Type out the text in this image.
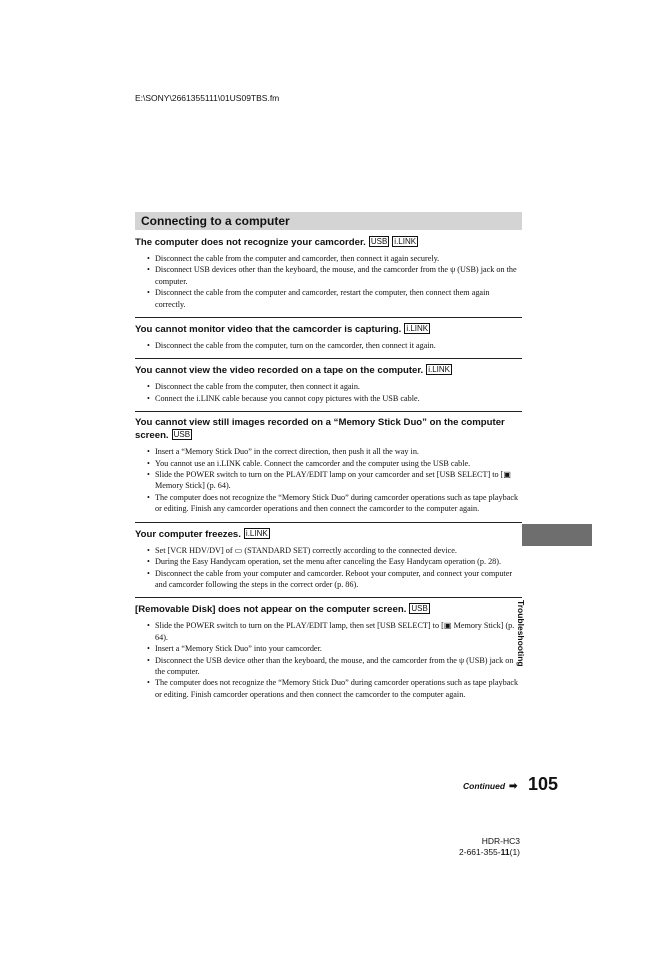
E:\SONY\2661355111\01US09TBS.fm
Connecting to a computer
The computer does not recognize your camcorder. USB i.LINK
• Disconnect the cable from the computer and camcorder, then connect it again securely.
• Disconnect USB devices other than the keyboard, the mouse, and the camcorder from the ψ (USB) jack on the computer.
• Disconnect the cable from the computer and camcorder, restart the computer, then connect them again correctly.
You cannot monitor video that the camcorder is capturing. i.LINK
• Disconnect the cable from the computer, turn on the camcorder, then connect it again.
You cannot view the video recorded on a tape on the computer. i.LINK
• Disconnect the cable from the computer, then connect it again.
• Connect the i.LINK cable because you cannot copy pictures with the USB cable.
You cannot view still images recorded on a “Memory Stick Duo” on the computer screen. USB
• Insert a “Memory Stick Duo” in the correct direction, then push it all the way in.
• You cannot use an i.LINK cable. Connect the camcorder and the computer using the USB cable.
• Slide the POWER switch to turn on the PLAY/EDIT lamp on your camcorder and set [USB SELECT] to [▣ Memory Stick] (p. 64).
• The computer does not recognize the “Memory Stick Duo” during camcorder operations such as tape playback or editing. Finish any camcorder operations and then connect the camcorder to the computer again.
Your computer freezes. i.LINK
• Set [VCR HDV/DV] of ▭ (STANDARD SET) correctly according to the connected device.
• During the Easy Handycam operation, set the menu after canceling the Easy Handycam operation (p. 28).
• Disconnect the cable from your computer and camcorder. Reboot your computer, and connect your computer and camcorder following the steps in the correct order (p. 86).
[Removable Disk] does not appear on the computer screen. USB
• Slide the POWER switch to turn on the PLAY/EDIT lamp, then set [USB SELECT] to [▣ Memory Stick] (p. 64).
• Insert a “Memory Stick Duo” into your camcorder.
• Disconnect the USB device other than the keyboard, the mouse, and the camcorder from the ψ (USB) jack on the computer.
• The computer does not recognize the “Memory Stick Duo” during camcorder operations such as tape playback or editing. Finish camcorder operations and then connect the camcorder to the computer again.
Troubleshooting
Continued ➡ 105
HDR-HC3
2-661-355-11(1)
